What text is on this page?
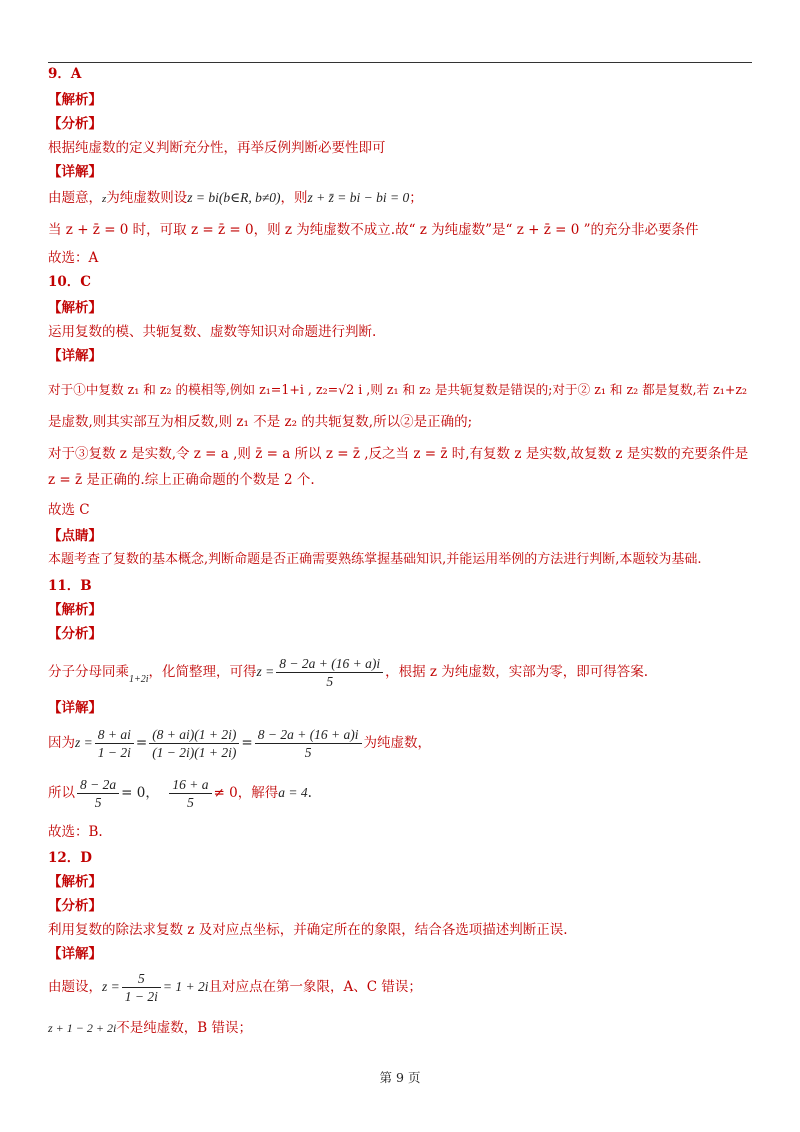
9．A
【解析】
【分析】
根据纯虚数的定义判断充分性，再举反例判断必要性即可
【详解】
由题意，z为纯虚数则设z = bi(b∈R, b≠0)，则z + z̄ = bi − bi = 0；
当 z + z̄ = 0 时，可取 z = z̄ = 0，则 z 为纯虚数不成立.故“ z 为纯虚数”是“ z + z̄ = 0 ”的充分非必要条件
故选：A
10．C
【解析】
运用复数的模、共轭复数、虚数等知识对命题进行判断.
【详解】
对于①中复数 z₁ 和 z₂ 的模相等,例如 z₁=1+i , z₂=√2 i ,则 z₁ 和 z₂ 是共轭复数是错误的;对于② z₁ 和 z₂ 都是复数,若 z₁+z₂
是虚数,则其实部互为相反数,则 z₁ 不是 z₂ 的共轭复数,所以②是正确的;
对于③复数 z 是实数,令 z = a ,则 z̄ = a 所以 z = z̄ ,反之当 z = z̄ 时,有复数 z 是实数,故复数 z 是实数的充要条件是
z = z̄ 是正确的.综上正确命题的个数是 2 个.
故选 C
【点睛】
本题考查了复数的基本概念,判断命题是否正确需要熟练掌握基础知识,并能运用举例的方法进行判断,本题较为基础.
11．B
【解析】
【分析】
分子分母同乘$_{1+2i}$，化简整理，可得$z = \frac{8 - 2a + (16 + a)i}{5}$ ，根据 z 为纯虚数，实部为零，即可得答案.
【详解】
因为$z = \frac{8 + ai}{1 - 2i} = \frac{(8 + ai)(1 + 2i)}{(1 - 2i)(1 + 2i)} = \frac{8 - 2a + (16 + a)i}{5}$ 为纯虚数，
所以 $\frac{8 - 2a}{5} = 0$， $\frac{16 + a}{5} \ne 0$，解得a = 4.
故选：B.
12．D
【解析】
【分析】
利用复数的除法求复数 z 及对应点坐标，并确定所在的象限，结合各选项描述判断正误.
【详解】
由题设，$z = \frac{5}{1 - 2i} = 1 + 2i$且对应点在第一象限，A、C 错误；
z + 1 − 2 + 2i不是纯虚数，B 错误；
第 9 页
